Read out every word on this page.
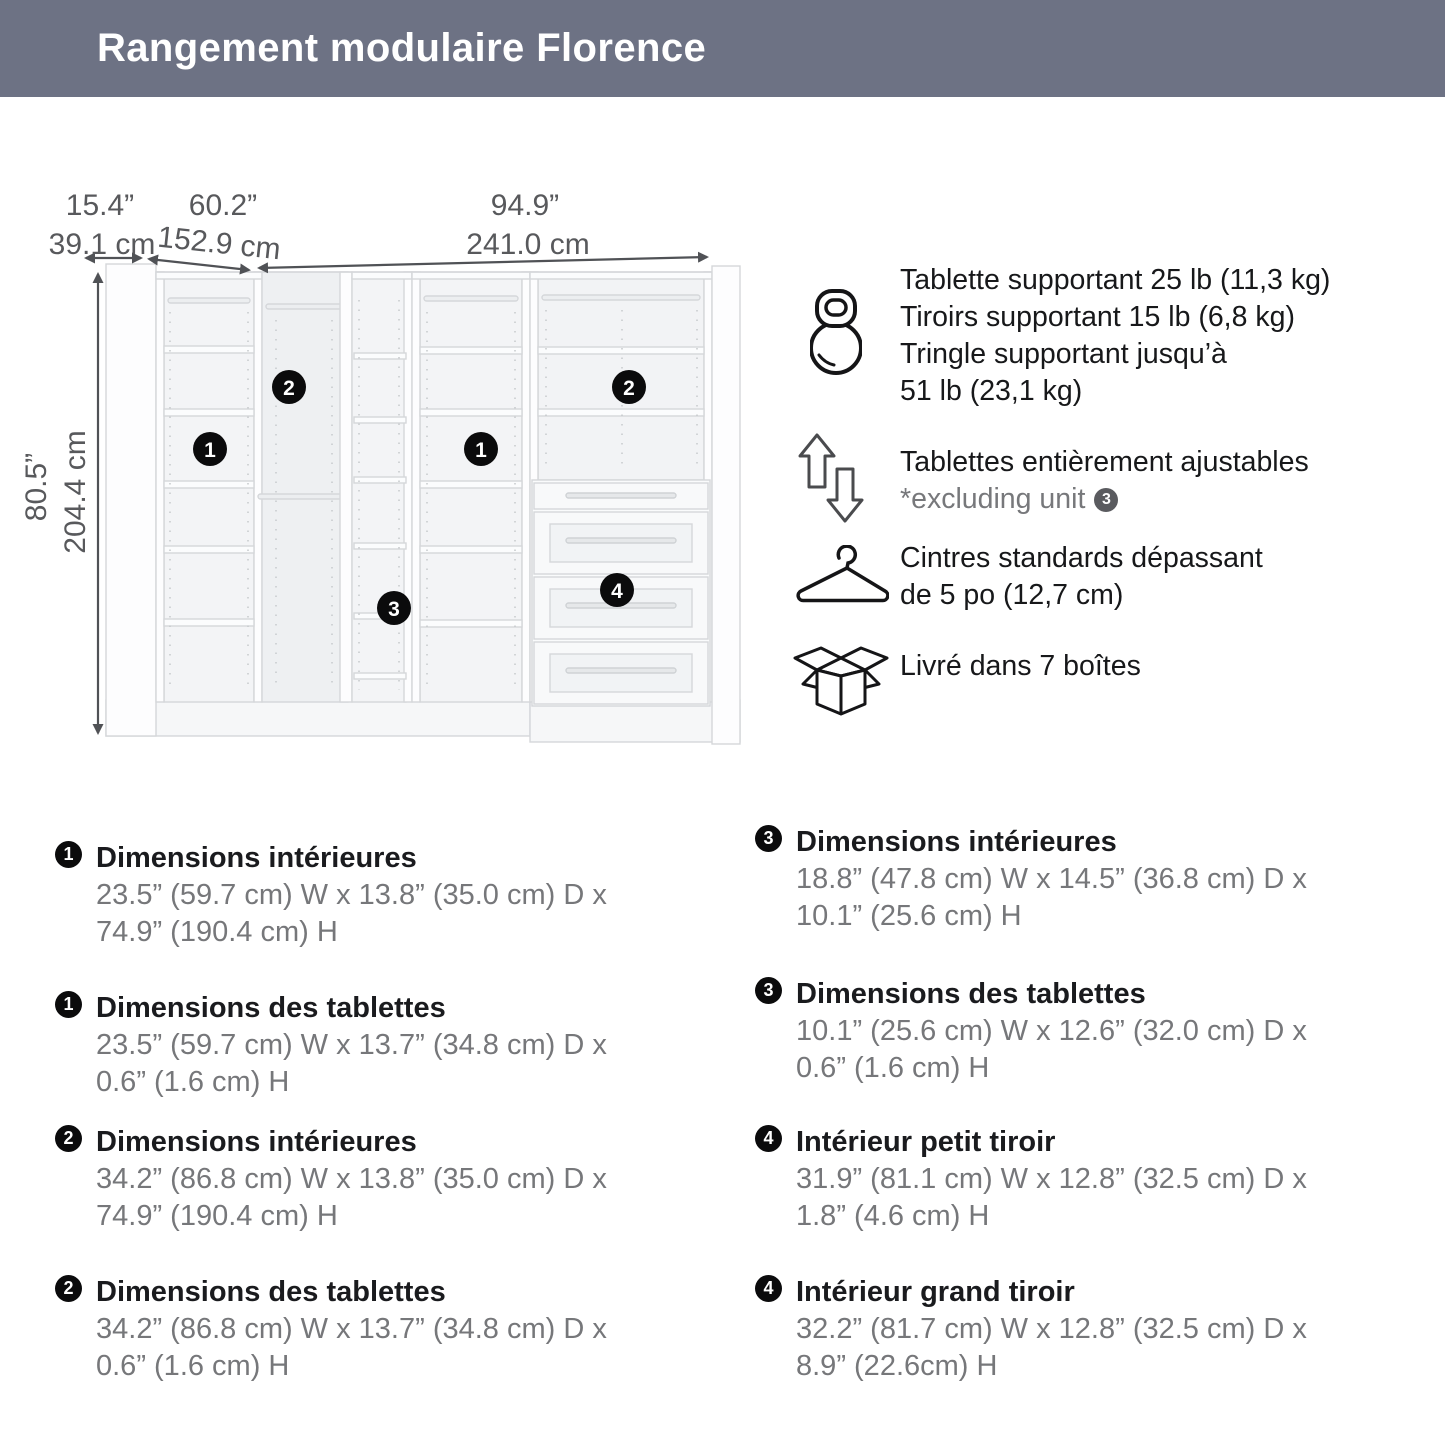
Rangement modulaire Florence
1
2
3
1
2
4
15.4”
39.1 cm
60.2”
152.9 cm
94.9”
241.0 cm
80.5” 204.4 cm
Tablette supportant 25 lb (11,3 kg)
Tiroirs supportant 15 lb (6,8 kg)
Tringle supportant jusqu’à
51 lb (23,1 kg)
Tablettes entièrement ajustables
*excluding unit	3
Cintres standards dépassant
de 5 po (12,7 cm)
Livré dans 7 boîtes
1 Dimensions intérieures
23.5” (59.7 cm) W x 13.8” (35.0 cm) D x
74.9” (190.4 cm) H
1 Dimensions des tablettes
23.5” (59.7 cm) W x 13.7” (34.8 cm) D x
0.6” (1.6 cm) H
2 Dimensions intérieures
34.2” (86.8 cm) W x 13.8” (35.0 cm) D x
74.9” (190.4 cm) H
2 Dimensions des tablettes
34.2” (86.8 cm) W x 13.7” (34.8 cm) D x
0.6” (1.6 cm) H
3 Dimensions intérieures
18.8” (47.8 cm) W x 14.5” (36.8 cm) D x
10.1” (25.6 cm) H
3 Dimensions des tablettes
10.1” (25.6 cm) W x 12.6” (32.0 cm) D x
0.6” (1.6 cm) H
4 Intérieur petit tiroir
31.9” (81.1 cm) W x 12.8” (32.5 cm) D x
1.8” (4.6 cm) H
4 Intérieur grand tiroir
32.2” (81.7 cm) W x 12.8” (32.5 cm) D x
8.9” (22.6cm) H
